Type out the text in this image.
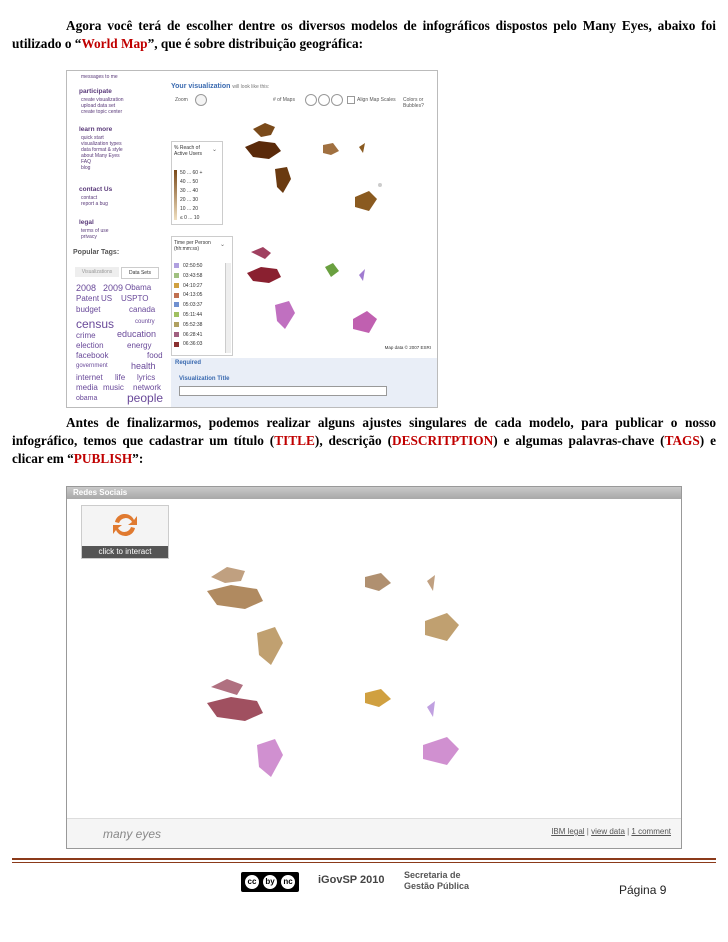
Agora você terá de escolher dentre os diversos modelos de infográficos dispostos pelo Many Eyes, abaixo foi utilizado o “World Map”, que é sobre distribuição geográfica:
messages to me
participate
create visualization
upload data set
create topic center
learn more
quick start
visualization types
data format & style
about Many Eyes
FAQ
blog
contact Us
contact
report a bug
legal
terms of use
privacy
Popular Tags:
Visualizations	Data Sets
2008 2009 Obama
Patent US USPTO
budget	canada
census	country
crime education
election	energy
facebook	food
government	health
internet life lyrics
media music network
obama people
Your visualization will look like this:
Zoom	# of Maps	Align Map Scales Colors or Bubbles?
% Reach of Active Users
⌄
50 ... 60 +
40 ... 50
30 ... 40
20 ... 30
10 ... 20
≤ 0 ... 10
Time per Person (hh:mm:ss)
⌄
02:50:50
03:43:58
04:10:27
04:13:05
05:03:37
05:11:44
05:52:38
06:28:41
06:36:03
Map data © 2007 ESRI
Required
Visualization Title
Antes de finalizarmos, podemos realizar alguns ajustes singulares de cada modelo, para publicar o nosso infográfico, temos que cadastrar um título (TITLE), descrição (DESCRITPTION) e algumas palavras-chave (TAGS) e clicar em “PUBLISH”:
Redes Sociais
click to interact
many eyes	IBM legal | view data | 1 comment
cc	by	nc	iGovSP 2010 Secretaria de
Gestão Pública	Página 9
